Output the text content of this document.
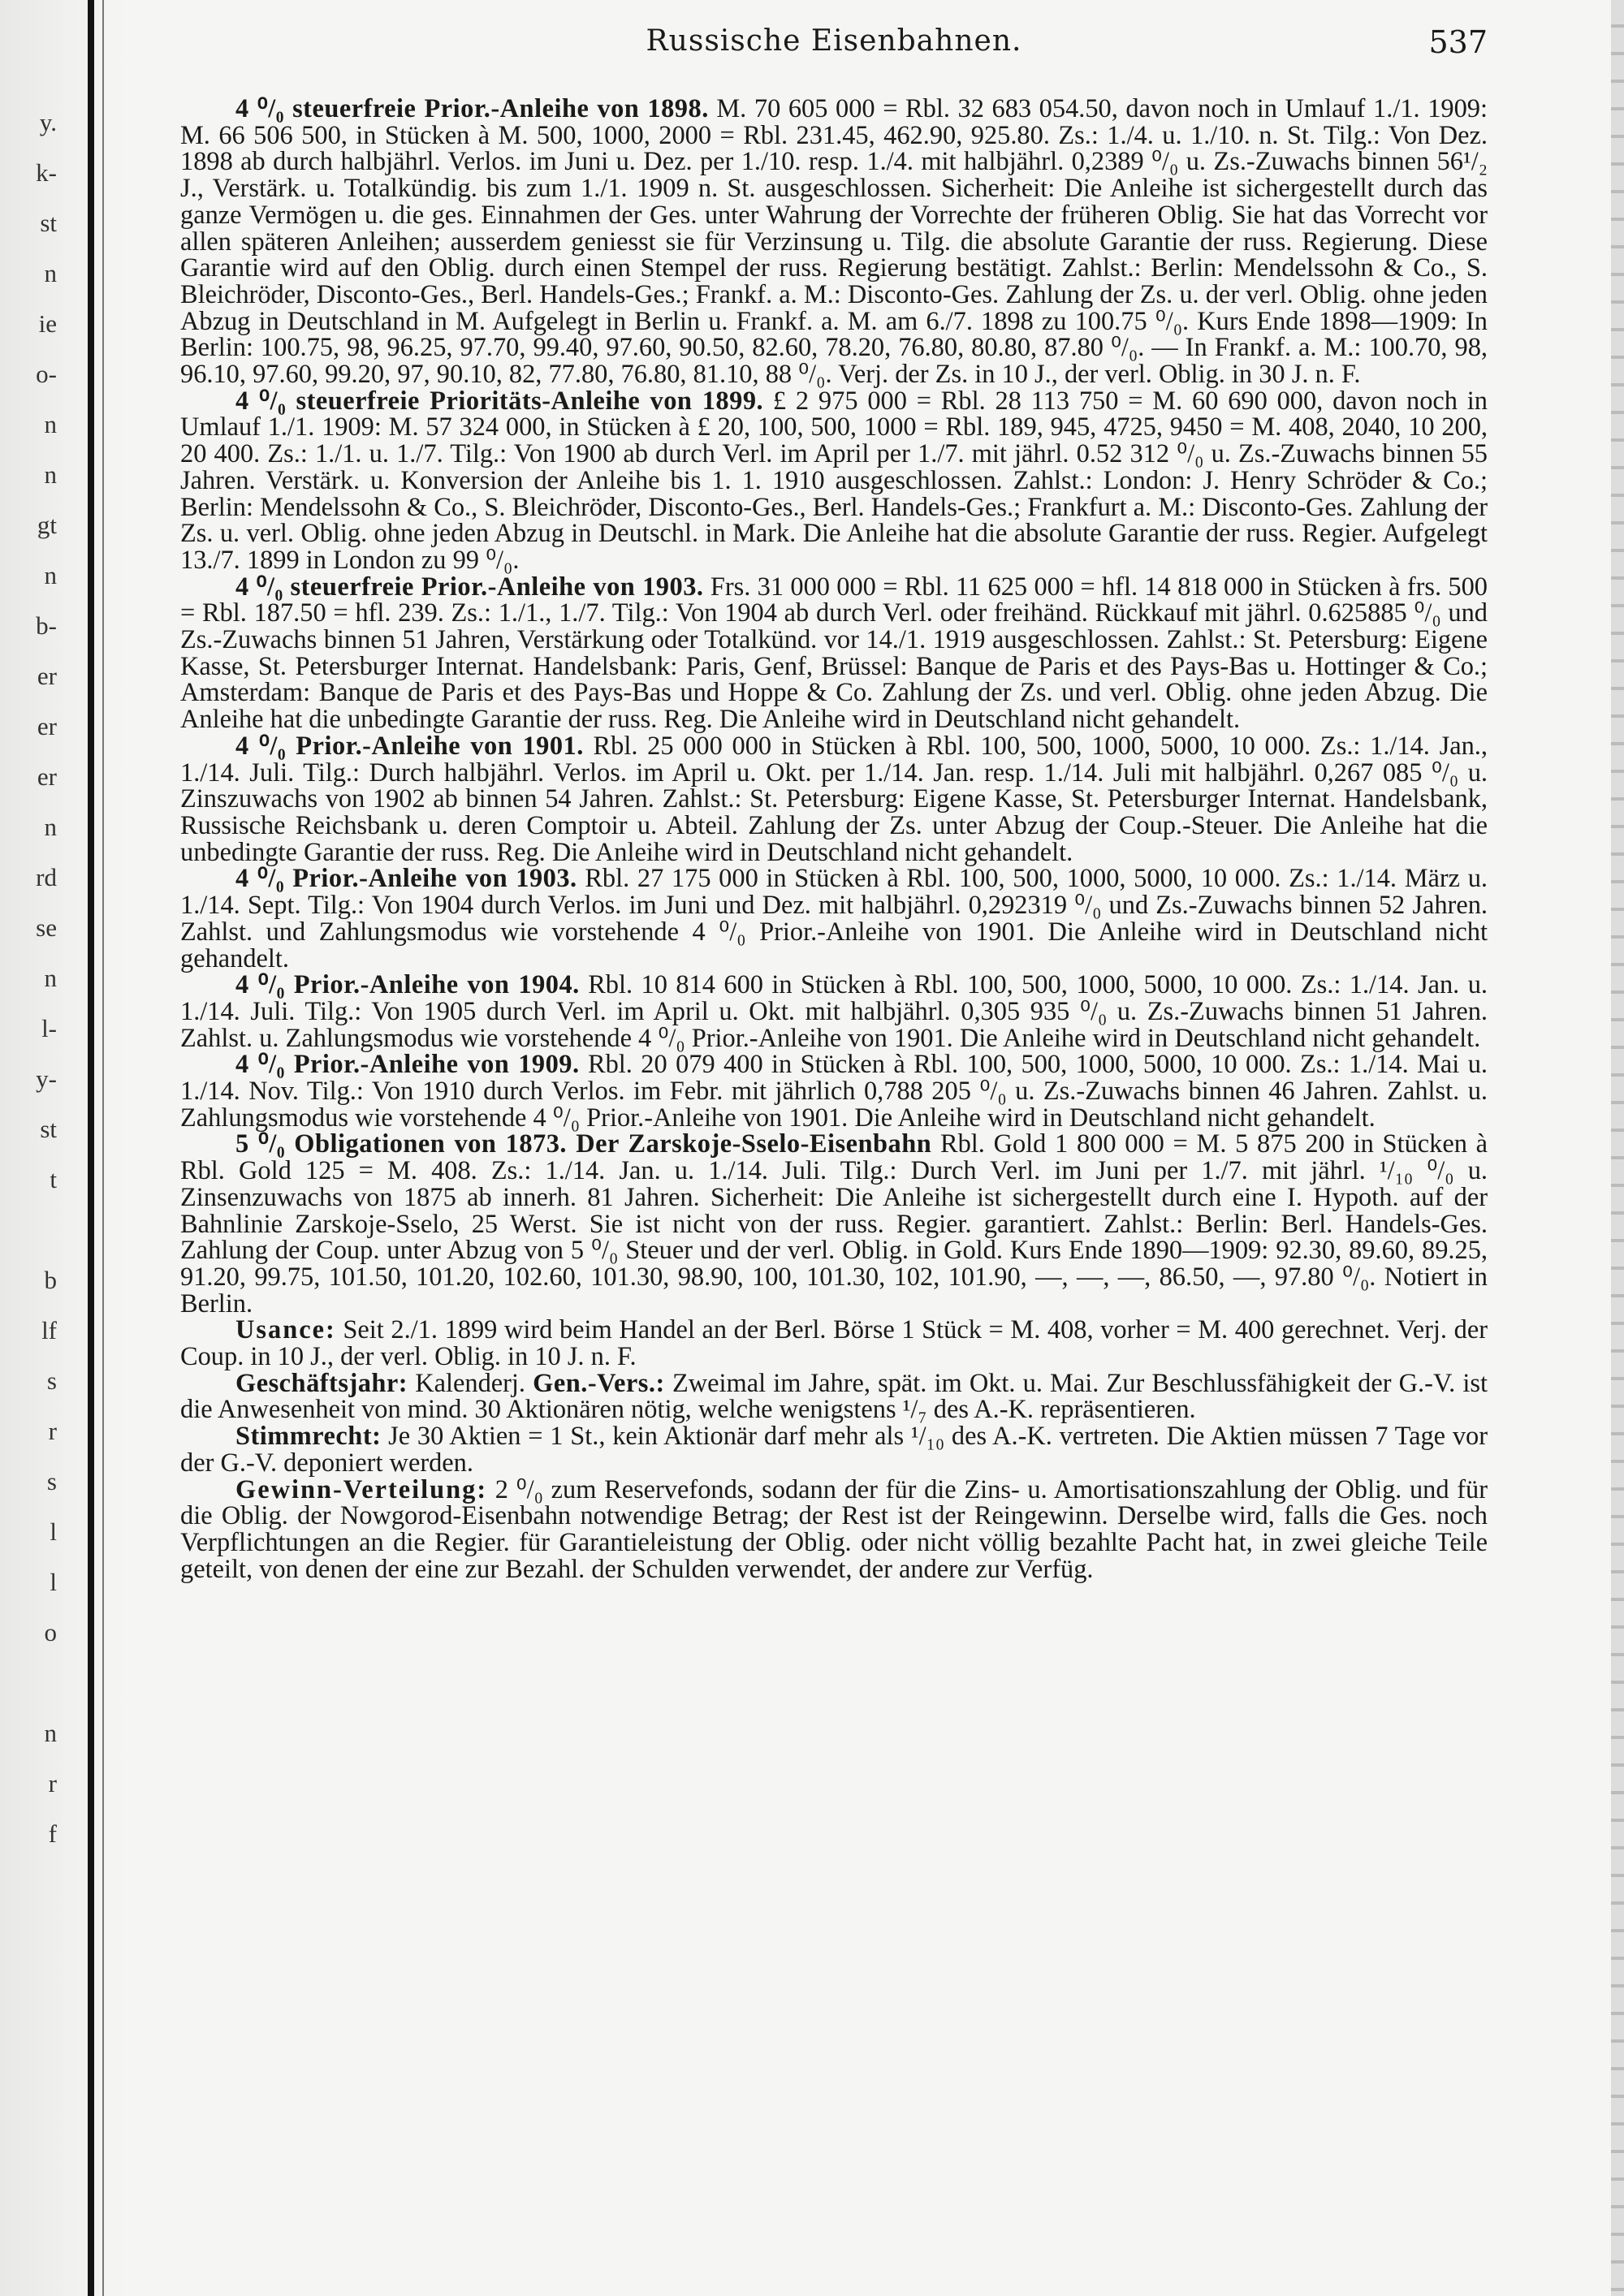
y.
k-
st
n
ie
o-
n
n
gt
n
b-
er
er
er
n
rd
se
n
l-
y-
st
t

b
lf
s
r
s
l
l
o

n
r
f

Russische Eisenbahnen.	537

4 ⁰/₀ steuerfreie Prior.-Anleihe von 1898. M. 70 605 000 = Rbl. 32 683 054.50, davon noch in Umlauf 1./1. 1909: M. 66 506 500, in Stücken à M. 500, 1000, 2000 = Rbl. 231.45, 462.90, 925.80. Zs.: 1./4. u. 1./10. n. St. Tilg.: Von Dez. 1898 ab durch halbjährl. Verlos. im Juni u. Dez. per 1./10. resp. 1./4. mit halbjährl. 0,2389 ⁰/₀ u. Zs.-Zuwachs binnen 56¹/₂ J., Verstärk. u. Totalkündig. bis zum 1./1. 1909 n. St. ausgeschlossen. Sicherheit: Die Anleihe ist sichergestellt durch das ganze Vermögen u. die ges. Einnahmen der Ges. unter Wahrung der Vorrechte der früheren Oblig. Sie hat das Vorrecht vor allen späteren Anleihen; ausserdem geniesst sie für Verzinsung u. Tilg. die absolute Garantie der russ. Regierung. Diese Garantie wird auf den Oblig. durch einen Stempel der russ. Regierung bestätigt. Zahlst.: Berlin: Mendelssohn & Co., S. Bleichröder, Disconto-Ges., Berl. Handels-Ges.; Frankf. a. M.: Disconto-Ges. Zahlung der Zs. u. der verl. Oblig. ohne jeden Abzug in Deutschland in M. Aufgelegt in Berlin u. Frankf. a. M. am 6./7. 1898 zu 100.75 ⁰/₀. Kurs Ende 1898—1909: In Berlin: 100.75, 98, 96.25, 97.70, 99.40, 97.60, 90.50, 82.60, 78.20, 76.80, 80.80, 87.80 ⁰/₀. — In Frankf. a. M.: 100.70, 98, 96.10, 97.60, 99.20, 97, 90.10, 82, 77.80, 76.80, 81.10, 88 ⁰/₀. Verj. der Zs. in 10 J., der verl. Oblig. in 30 J. n. F.

4 ⁰/₀ steuerfreie Prioritäts-Anleihe von 1899. £ 2 975 000 = Rbl. 28 113 750 = M. 60 690 000, davon noch in Umlauf 1./1. 1909: M. 57 324 000, in Stücken à £ 20, 100, 500, 1000 = Rbl. 189, 945, 4725, 9450 = M. 408, 2040, 10 200, 20 400. Zs.: 1./1. u. 1./7. Tilg.: Von 1900 ab durch Verl. im April per 1./7. mit jährl. 0.52 312 ⁰/₀ u. Zs.-Zuwachs binnen 55 Jahren. Verstärk. u. Konversion der Anleihe bis 1. 1. 1910 ausgeschlossen. Zahlst.: London: J. Henry Schröder & Co.; Berlin: Mendelssohn & Co., S. Bleichröder, Disconto-Ges., Berl. Handels-Ges.; Frankfurt a. M.: Disconto-Ges. Zahlung der Zs. u. verl. Oblig. ohne jeden Abzug in Deutschl. in Mark. Die Anleihe hat die absolute Garantie der russ. Regier. Aufgelegt 13./7. 1899 in London zu 99 ⁰/₀.

4 ⁰/₀ steuerfreie Prior.-Anleihe von 1903. Frs. 31 000 000 = Rbl. 11 625 000 = hfl. 14 818 000 in Stücken à frs. 500 = Rbl. 187.50 = hfl. 239. Zs.: 1./1., 1./7. Tilg.: Von 1904 ab durch Verl. oder freihänd. Rückkauf mit jährl. 0.625885 ⁰/₀ und Zs.-Zuwachs binnen 51 Jahren, Verstärkung oder Totalkünd. vor 14./1. 1919 ausgeschlossen. Zahlst.: St. Petersburg: Eigene Kasse, St. Petersburger Internat. Handelsbank: Paris, Genf, Brüssel: Banque de Paris et des Pays-Bas u. Hottinger & Co.; Amsterdam: Banque de Paris et des Pays-Bas und Hoppe & Co. Zahlung der Zs. und verl. Oblig. ohne jeden Abzug. Die Anleihe hat die unbedingte Garantie der russ. Reg. Die Anleihe wird in Deutschland nicht gehandelt.

4 ⁰/₀ Prior.-Anleihe von 1901. Rbl. 25 000 000 in Stücken à Rbl. 100, 500, 1000, 5000, 10 000. Zs.: 1./14. Jan., 1./14. Juli. Tilg.: Durch halbjährl. Verlos. im April u. Okt. per 1./14. Jan. resp. 1./14. Juli mit halbjährl. 0,267 085 ⁰/₀ u. Zinszuwachs von 1902 ab binnen 54 Jahren. Zahlst.: St. Petersburg: Eigene Kasse, St. Petersburger Internat. Handelsbank, Russische Reichsbank u. deren Comptoir u. Abteil. Zahlung der Zs. unter Abzug der Coup.-Steuer. Die Anleihe hat die unbedingte Garantie der russ. Reg. Die Anleihe wird in Deutschland nicht gehandelt.

4 ⁰/₀ Prior.-Anleihe von 1903. Rbl. 27 175 000 in Stücken à Rbl. 100, 500, 1000, 5000, 10 000. Zs.: 1./14. März u. 1./14. Sept. Tilg.: Von 1904 durch Verlos. im Juni und Dez. mit halbjährl. 0,292319 ⁰/₀ und Zs.-Zuwachs binnen 52 Jahren. Zahlst. und Zahlungsmodus wie vorstehende 4 ⁰/₀ Prior.-Anleihe von 1901. Die Anleihe wird in Deutschland nicht gehandelt.

4 ⁰/₀ Prior.-Anleihe von 1904. Rbl. 10 814 600 in Stücken à Rbl. 100, 500, 1000, 5000, 10 000. Zs.: 1./14. Jan. u. 1./14. Juli. Tilg.: Von 1905 durch Verl. im April u. Okt. mit halbjährl. 0,305 935 ⁰/₀ u. Zs.-Zuwachs binnen 51 Jahren. Zahlst. u. Zahlungsmodus wie vorstehende 4 ⁰/₀ Prior.-Anleihe von 1901. Die Anleihe wird in Deutschland nicht gehandelt.

4 ⁰/₀ Prior.-Anleihe von 1909. Rbl. 20 079 400 in Stücken à Rbl. 100, 500, 1000, 5000, 10 000. Zs.: 1./14. Mai u. 1./14. Nov. Tilg.: Von 1910 durch Verlos. im Febr. mit jährlich 0,788 205 ⁰/₀ u. Zs.-Zuwachs binnen 46 Jahren. Zahlst. u. Zahlungsmodus wie vorstehende 4 ⁰/₀ Prior.-Anleihe von 1901. Die Anleihe wird in Deutschland nicht gehandelt.

5 ⁰/₀ Obligationen von 1873. Der Zarskoje-Sselo-Eisenbahn Rbl. Gold 1 800 000 = M. 5 875 200 in Stücken à Rbl. Gold 125 = M. 408. Zs.: 1./14. Jan. u. 1./14. Juli. Tilg.: Durch Verl. im Juni per 1./7. mit jährl. ¹/₁₀ ⁰/₀ u. Zinsenzuwachs von 1875 ab innerh. 81 Jahren. Sicherheit: Die Anleihe ist sichergestellt durch eine I. Hypoth. auf der Bahnlinie Zarskoje-Sselo, 25 Werst. Sie ist nicht von der russ. Regier. garantiert. Zahlst.: Berlin: Berl. Handels-Ges. Zahlung der Coup. unter Abzug von 5 ⁰/₀ Steuer und der verl. Oblig. in Gold. Kurs Ende 1890—1909: 92.30, 89.60, 89.25, 91.20, 99.75, 101.50, 101.20, 102.60, 101.30, 98.90, 100, 101.30, 102, 101.90, —, —, —, 86.50, —, 97.80 ⁰/₀. Notiert in Berlin.

Usance: Seit 2./1. 1899 wird beim Handel an der Berl. Börse 1 Stück = M. 408, vorher = M. 400 gerechnet. Verj. der Coup. in 10 J., der verl. Oblig. in 10 J. n. F.

Geschäftsjahr: Kalenderj. Gen.-Vers.: Zweimal im Jahre, spät. im Okt. u. Mai. Zur Beschlussfähigkeit der G.-V. ist die Anwesenheit von mind. 30 Aktionären nötig, welche wenigstens ¹/₇ des A.-K. repräsentieren.

Stimmrecht: Je 30 Aktien = 1 St., kein Aktionär darf mehr als ¹/₁₀ des A.-K. vertreten. Die Aktien müssen 7 Tage vor der G.-V. deponiert werden.

Gewinn-Verteilung: 2 ⁰/₀ zum Reservefonds, sodann der für die Zins- u. Amortisationszahlung der Oblig. und für die Oblig. der Nowgorod-Eisenbahn notwendige Betrag; der Rest ist der Reingewinn. Derselbe wird, falls die Ges. noch Verpflichtungen an die Regier. für Garantieleistung der Oblig. oder nicht völlig bezahlte Pacht hat, in zwei gleiche Teile geteilt, von denen der eine zur Bezahl. der Schulden verwendet, der andere zur Verfüg.
